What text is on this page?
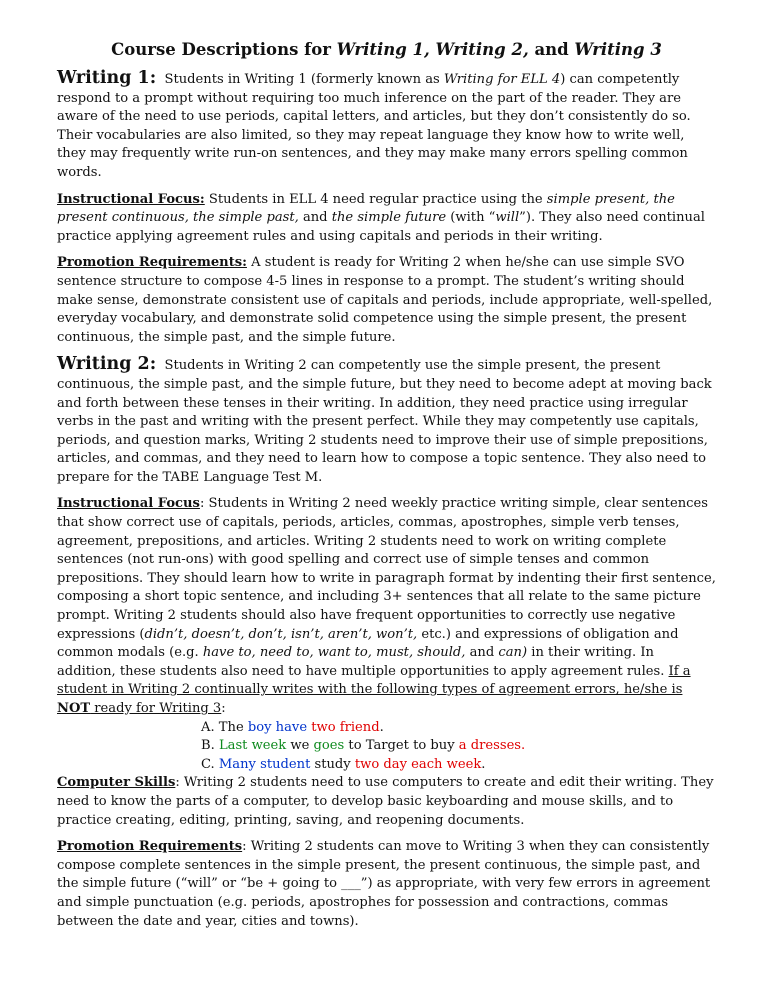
Course Descriptions for Writing 1, Writing 2, and Writing 3

Writing 1: Students in Writing 1 (formerly known as Writing for ELL 4) can competently respond to a prompt without requiring too much inference on the part of the reader. They are aware of the need to use periods, capital letters, and articles, but they don’t consistently do so. Their vocabularies are also limited, so they may repeat language they know how to write well, they may frequently write run-on sentences, and they may make many errors spelling common words.

Instructional Focus: Students in ELL 4 need regular practice using the simple present, the present continuous, the simple past, and the simple future (with “will”). They also need continual practice applying agreement rules and using capitals and periods in their writing.

Promotion Requirements: A student is ready for Writing 2 when he/she can use simple SVO sentence structure to compose 4-5 lines in response to a prompt. The student’s writing should make sense, demonstrate consistent use of capitals and periods, include appropriate, well-spelled, everyday vocabulary, and demonstrate solid competence using the simple present, the present continuous, the simple past, and the simple future.

Writing 2: Students in Writing 2 can competently use the simple present, the present continuous, the simple past, and the simple future, but they need to become adept at moving back and forth between these tenses in their writing. In addition, they need practice using irregular verbs in the past and writing with the present perfect. While they may competently use capitals, periods, and question marks, Writing 2 students need to improve their use of simple prepositions, articles, and commas, and they need to learn how to compose a topic sentence. They also need to prepare for the TABE Language Test M.

Instructional Focus: Students in Writing 2 need weekly practice writing simple, clear sentences that show correct use of capitals, periods, articles, commas, apostrophes, simple verb tenses, agreement, prepositions, and articles. Writing 2 students need to work on writing complete sentences (not run-ons) with good spelling and correct use of simple tenses and common prepositions. They should learn how to write in paragraph format by indenting their first sentence, composing a short topic sentence, and including 3+ sentences that all relate to the same picture prompt. Writing 2 students should also have frequent opportunities to correctly use negative expressions (didn’t, doesn’t, don’t, isn’t, aren’t, won’t, etc.) and expressions of obligation and common modals (e.g. have to, need to, want to, must, should, and can) in their writing. In addition, these students also need to have multiple opportunities to apply agreement rules. If a student in Writing 2 continually writes with the following types of agreement errors, he/she is NOT ready for Writing 3:

A. The boy have two friend.
B. Last week we goes to Target to buy a dresses.
C. Many student study two day each week.

Computer Skills: Writing 2 students need to use computers to create and edit their writing. They need to know the parts of a computer, to develop basic keyboarding and mouse skills, and to practice creating, editing, printing, saving, and reopening documents.

Promotion Requirements: Writing 2 students can move to Writing 3 when they can consistently compose complete sentences in the simple present, the present continuous, the simple past, and the simple future (“will” or “be + going to ___”) as appropriate, with very few errors in agreement and simple punctuation (e.g. periods, apostrophes for possession and contractions, commas between the date and year, cities and towns).
